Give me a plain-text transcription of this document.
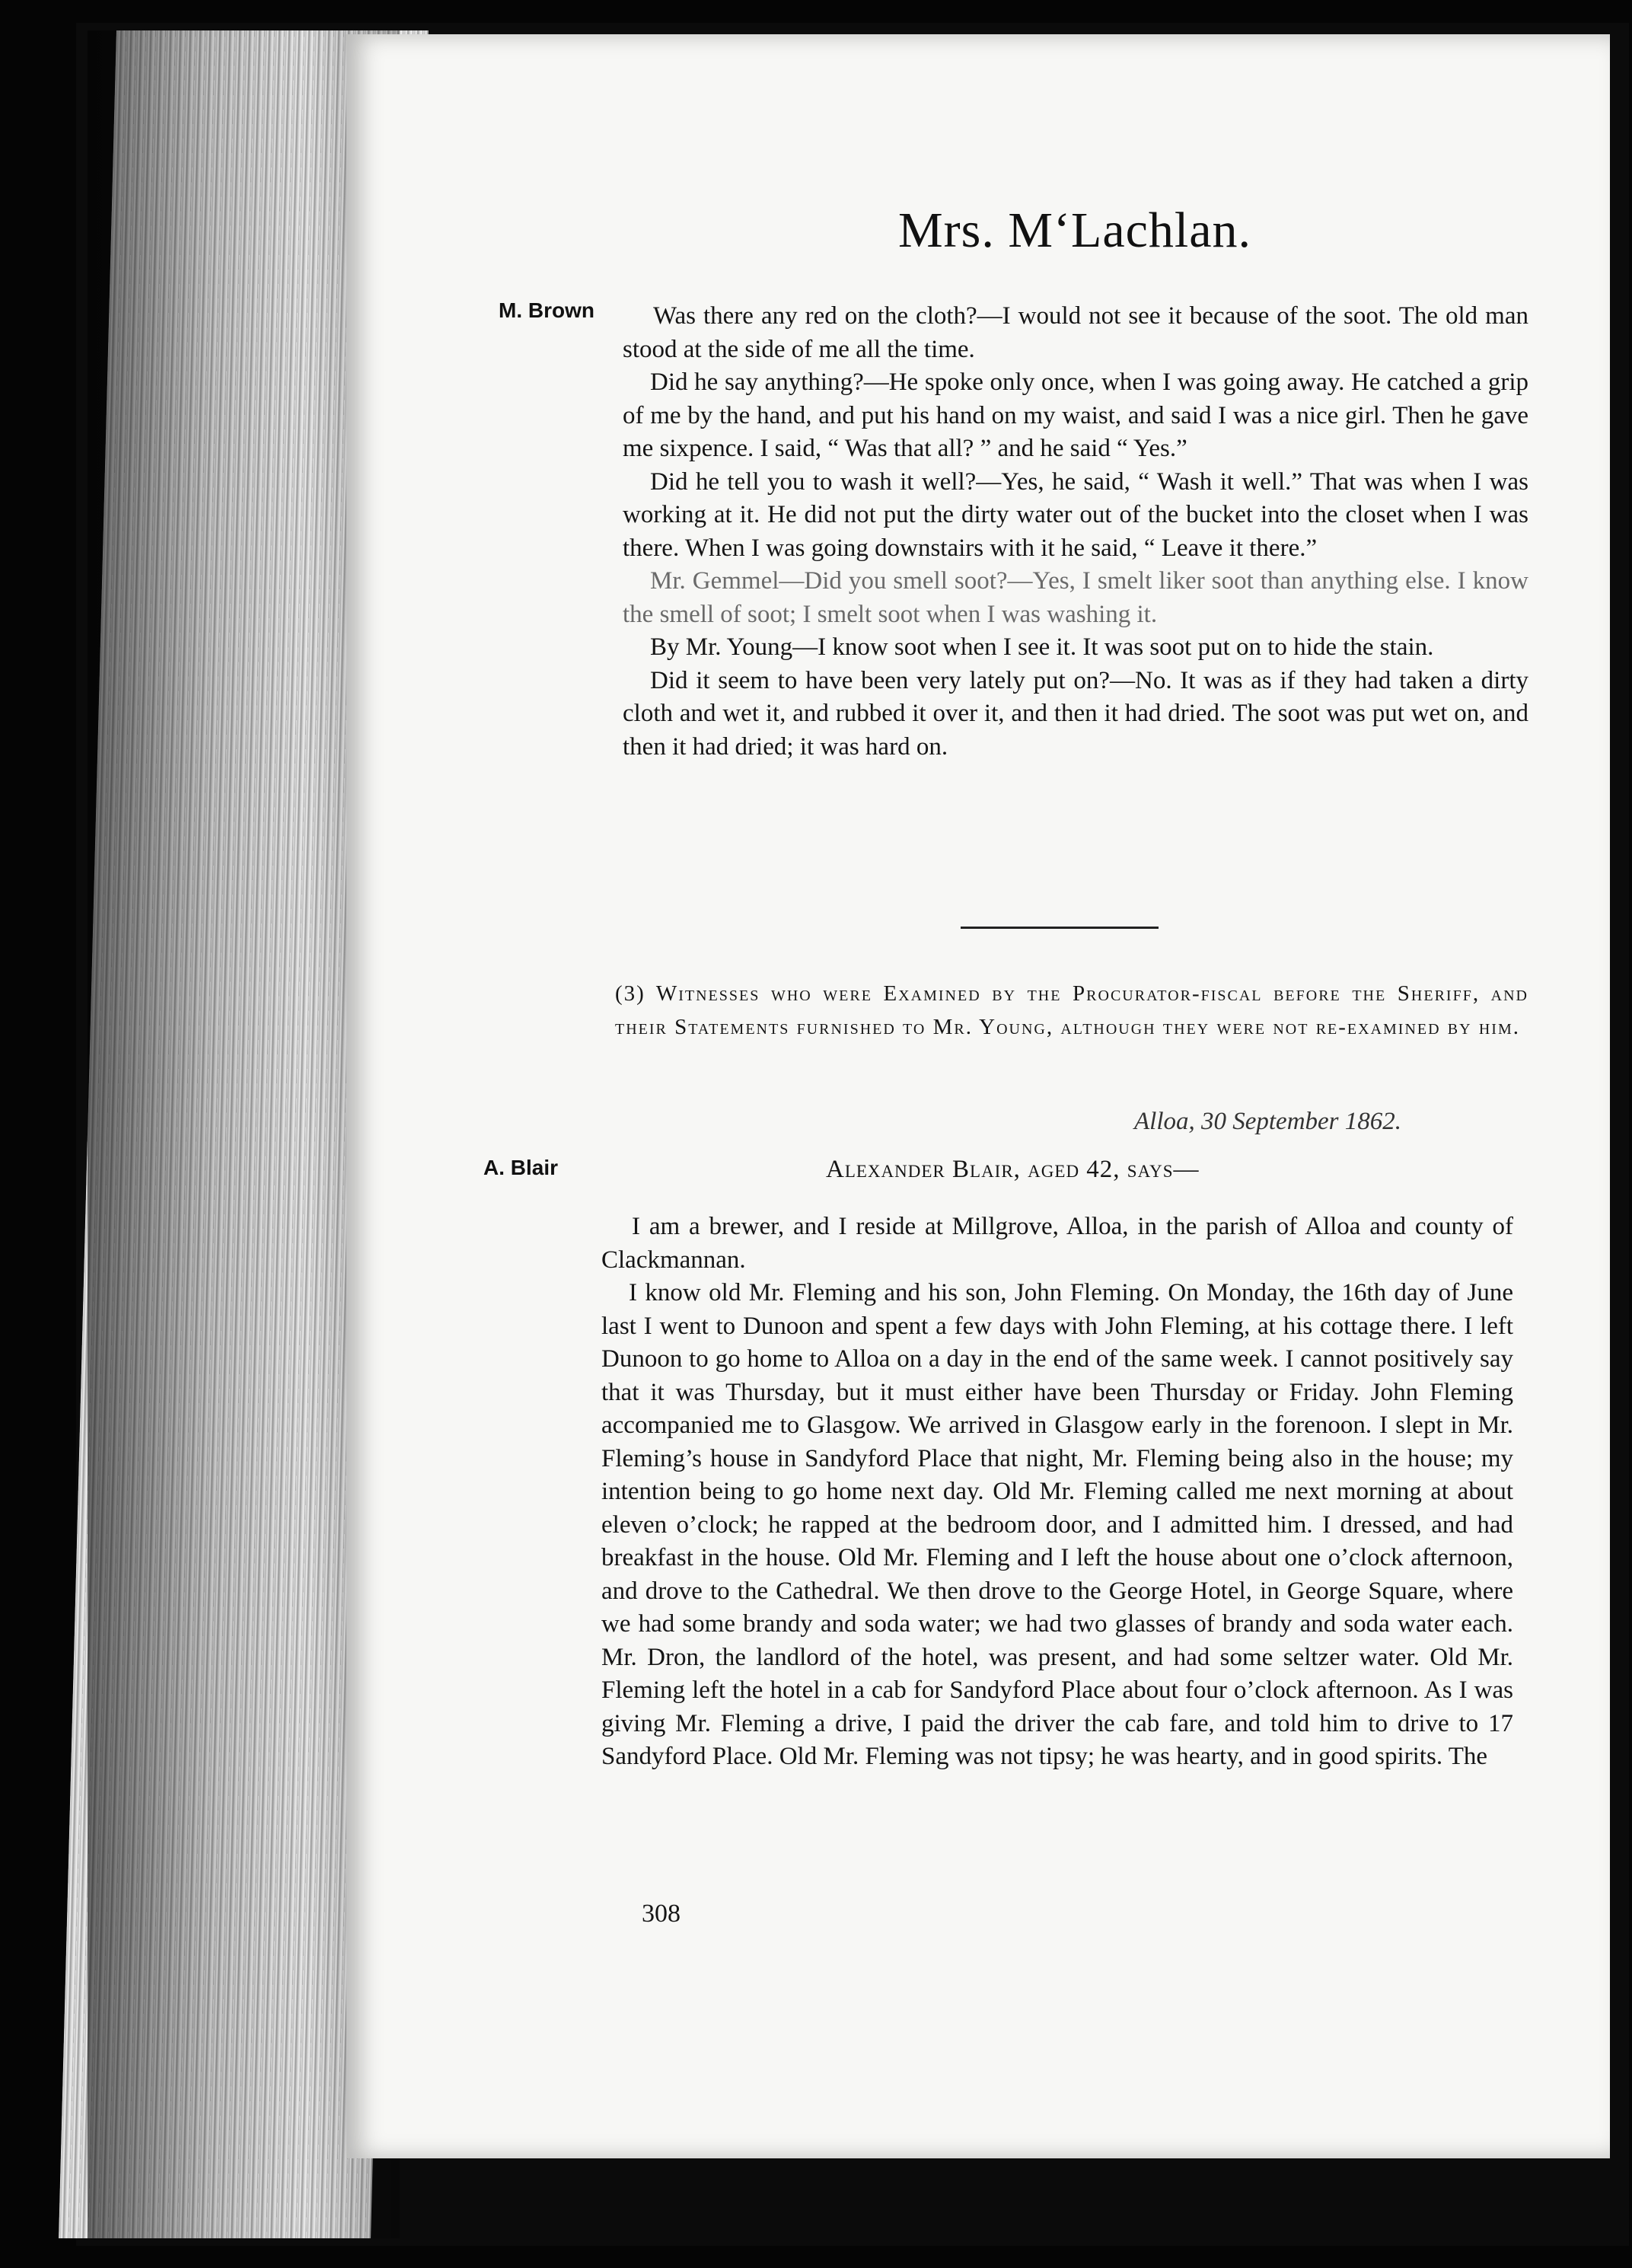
Mrs. M‘Lachlan.
M. Brown	Was there any red on the cloth?—I would not see it because of the soot. The old man stood at the side of me all the time.

Did he say anything?—He spoke only once, when I was going away. He catched a grip of me by the hand, and put his hand on my waist, and said I was a nice girl. Then he gave me sixpence. I said, “ Was that all? ” and he said “ Yes.”

Did he tell you to wash it well?—Yes, he said, “ Wash it well.” That was when I was working at it. He did not put the dirty water out of the bucket into the closet when I was there. When I was going downstairs with it he said, “ Leave it there.”

Mr. Gemmel—Did you smell soot?—Yes, I smelt liker soot than anything else. I know the smell of soot; I smelt soot when I was washing it.

By Mr. Young—I know soot when I see it. It was soot put on to hide the stain.

Did it seem to have been very lately put on?—No. It was as if they had taken a dirty cloth and wet it, and rubbed it over it, and then it had dried. The soot was put wet on, and then it had dried; it was hard on.

(3) Witnesses who were Examined by the Procurator-fiscal before the Sheriff, and their Statements furnished to Mr. Young, although they were not re-examined by him.
Alloa, 30 September 1862.
A. Blair	Alexander Blair, aged 42, says—

I am a brewer, and I reside at Millgrove, Alloa, in the parish of Alloa and county of Clackmannan.

I know old Mr. Fleming and his son, John Fleming. On Monday, the 16th day of June last I went to Dunoon and spent a few days with John Fleming, at his cottage there. I left Dunoon to go home to Alloa on a day in the end of the same week. I cannot positively say that it was Thursday, but it must either have been Thursday or Friday. John Fleming accompanied me to Glasgow. We arrived in Glasgow early in the forenoon. I slept in Mr. Fleming’s house in Sandyford Place that night, Mr. Fleming being also in the house; my intention being to go home next day. Old Mr. Fleming called me next morning at about eleven o’clock; he rapped at the bedroom door, and I admitted him. I dressed, and had breakfast in the house. Old Mr. Fleming and I left the house about one o’clock afternoon, and drove to the Cathedral. We then drove to the George Hotel, in George Square, where we had some brandy and soda water; we had two glasses of brandy and soda water each. Mr. Dron, the landlord of the hotel, was present, and had some seltzer water. Old Mr. Fleming left the hotel in a cab for Sandyford Place about four o’clock afternoon. As I was giving Mr. Fleming a drive, I paid the driver the cab fare, and told him to drive to 17 Sandyford Place. Old Mr. Fleming was not tipsy; he was hearty, and in good spirits. The

308
